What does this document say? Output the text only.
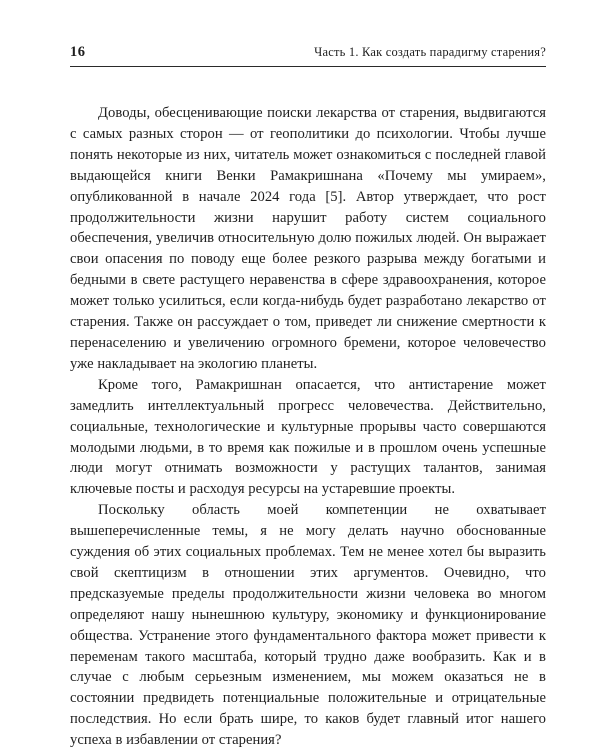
16	Часть 1. Как создать парадигму старения?

Доводы, обесценивающие поиски лекарства от старения, выдвигаются с самых разных сторон — от геополитики до психологии. Чтобы лучше понять некоторые из них, читатель может ознакомиться с последней главой выдающейся книги Венки Рамакришнана «Почему мы умираем», опубликованной в начале 2024 года [5]. Автор утверждает, что рост продолжительности жизни нарушит работу систем социального обеспечения, увеличив относительную долю пожилых людей. Он выражает свои опасения по поводу еще более резкого разрыва между богатыми и бедными в свете растущего неравенства в сфере здравоохранения, которое может только усилиться, если когда-нибудь будет разработано лекарство от старения. Также он рассуждает о том, приведет ли снижение смертности к перенаселению и увеличению огромного бремени, которое человечество уже накладывает на экологию планеты.

Кроме того, Рамакришнан опасается, что антистарение может замедлить интеллектуальный прогресс человечества. Действительно, социальные, технологические и культурные прорывы часто совершаются молодыми людьми, в то время как пожилые и в прошлом очень успешные люди могут отнимать возможности у растущих талантов, занимая ключевые посты и расходуя ресурсы на устаревшие проекты.

Поскольку область моей компетенции не охватывает вышеперечисленные темы, я не могу делать научно обоснованные суждения об этих социальных проблемах. Тем не менее хотел бы выразить свой скептицизм в отношении этих аргументов. Очевидно, что предсказуемые пределы продолжительности жизни человека во многом определяют нашу нынешнюю культуру, экономику и функционирование общества. Устранение этого фундаментального фактора может привести к переменам такого масштаба, который трудно даже вообразить. Как и в случае с любым серьезным изменением, мы можем оказаться не в состоянии предвидеть потенциальные положительные и отрицательные последствия. Но если брать шире, то каков будет главный итог нашего успеха в избавлении от старения?
